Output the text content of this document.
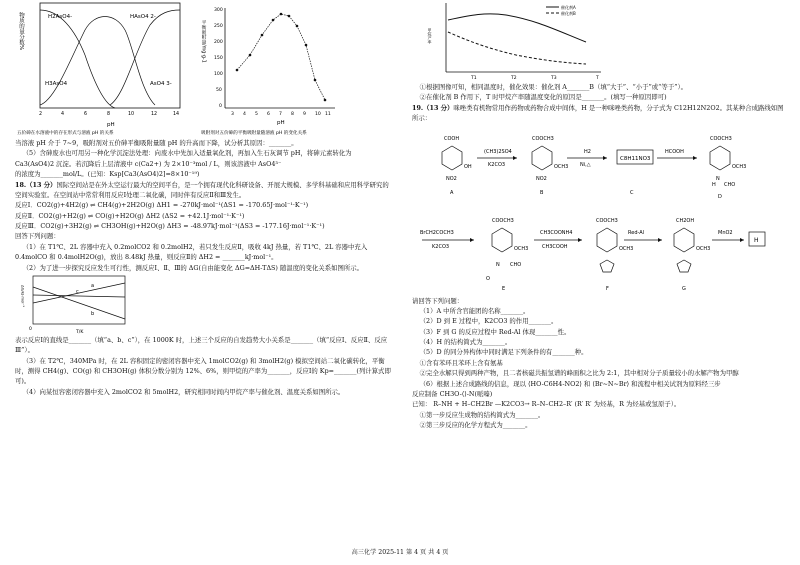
H2AsO4-	HAsO4 2-
H3AsO4	AsO4 3-
物质的量分数%
pH
2	4	6	8	10	12	14
五价砷在水溶液中的存在形式与溶液 pH 的关系
300
250
200
150
100
50
0
3 4 5 6 7 8 9 10 11
平衡吸附量/mg·g-1
pH
吸附剂对五价砷的平衡吸附量随溶液 pH 的变化关系

当溶液 pH 介于 7~9，吸附剂对五价砷平衡吸附量随 pH 的升高而下降，试分析其原因：_______。

（5）含砷废水也可用另一种化学沉淀法处理：向废水中先加入适量氧化剂，再加入生石灰调节 pH，将砷元素转化为 Ca3(AsO4)2 沉淀。若沉降后上层清液中 c(Ca2+) 为 2×10⁻³mol / L，则该溶液中 AsO4³⁻

的浓度为_______mol/L。(已知：Ksp[Ca3(AsO4)2]=8×10⁻¹⁹)

18.（13 分）国际空间站是在外太空运行最大的空间平台，是一个拥有现代化科研设备、开展大规模、多学科基础和应用科学研究的空间实验室。在空间站中常常利用反应Ⅰ处理二氧化碳，同时伴有反应Ⅱ和Ⅲ发生。

反应Ⅰ．CO2(g)+4H2(g) ⇌ CH4(g)+2H2O(g) ΔH1 = -270kJ·mol⁻¹(ΔS1 = -170.65J·mol⁻¹·K⁻¹)

反应Ⅱ．CO2(g)+H2(g) ⇌ CO(g)+H2O(g) ΔH2 (ΔS2 = +42.1J·mol⁻¹·K⁻¹)

反应Ⅲ．CO2(g)+3H2(g) ⇌ CH3OH(g)+H2O(g) ΔH3 = -48.97kJ·mol⁻¹(ΔS3 = -177.16J·mol⁻¹·K⁻¹)

回答下列问题：

（1）在 T1℃、2L 容器中充入 0.2molCO2 和 0.2molH2，若只发生反应Ⅱ，吸收 4kJ 热量，若 T1℃、2L 容器中充入 0.4molCO 和 0.4molH2O(g)，放出 8.48kJ 热量，则反应Ⅱ的 ΔH2 = _______kJ·mol⁻¹。

（2）为了进一步探究反应发生可行性，测反应Ⅰ、Ⅱ、Ⅲ的 ΔG(自由能变化 ΔG=ΔH-TΔS) 随温度的变化关系如图所示。

a
b
c
0
ΔG/kJ·mol⁻¹
T/K

表示反应Ⅰ的直线是_______（填“a、b、c”），在 1000K 时，上述三个反应的自发趋势大小关系是_______（填“反应Ⅰ、反应Ⅱ、反应Ⅲ”）。

（3）在 T2℃，340MPa 时，在 2L 容积固定的密闭容器中充入 1molCO2(g) 和 3molH2(g) 模拟空间站二氧化碳转化，平衡时，测得 CH4(g)、CO(g) 和 CH3OH(g) 体积分数分别为 12%、6%，则甲烷的产率为_______，反应Ⅰ的 Kp=_______(列计算式即可)。

（4）向某恒容密闭容器中充入 2molCO2 和 5molH2，研究相同时间内甲烷产率与催化剂、温度关系如图所示。

催化剂A
催化剂B
甲烷产率
T1	T2	T3	T

①根据图像可知，相同温度时，催化效果：催化剂 A_______B（填“大于”、“小于”或“等于”）。

②在催化剂 B 作用下，T 时甲烷产率随温度变化的原因是_______。(填写一种原因即可)

19.（13 分）咪唑类有机物常用作药物或药物合成中间体，H 是一种咪唑类药物，分子式为 C12H12N2O2。其某种合成路线如图所示：

COOH
OH
NO2
A
(CH3)2SO4
K2CO3
COOCH3
OCH3
NO2
B
H2
Ni,△
C
HCOOH
COOCH3
OCH3
N
CHO
H
D
BrCH2COCH3
K2CO3
COOCH3
OCH3
CHO
N
O
E
CH3COONH4
CH3COOH
COOCH3
OCH3
F
Red-Al
CH2OH
OCH3
G
MnO2
C8H11NO3
H

请回答下列问题：

（1）A 中所含官能团的名称_______。

（2）D 到 E 过程中，K2CO3 的作用_______。

（3）F 到 G 的反应过程中 Red-Al 体现_______性。

（4）H 的结构简式为_______。

（5）D 的同分异构体中同时满足下列条件的有_______种。

①含有苯环且苯环上含有氨基

②完全水解只得到两种产物，且二者核磁共振氢谱的峰面积之比为 2:1，其中相对分子质量较小的水解产物为甲醇

（6）根据上述合成路线的信息，现以 ⟨HO-C6H4-NO2⟩ 和 ⟨Br~N~Br⟩ 和流程中相关试剂为原料经三步

反应制备 CH3O-⟨⟩-N(哌嗪)

已知： R–NH + H–CH2Br —K2CO3→ R–N–CH2–R′ (R′ R′ 为烃基，R 为烃基或氢原子）。

①第一步反应生成物的结构简式为_______。

②第三步反应的化学方程式为_______。

高三化学 2025-11 第 4 页 共 4 页
